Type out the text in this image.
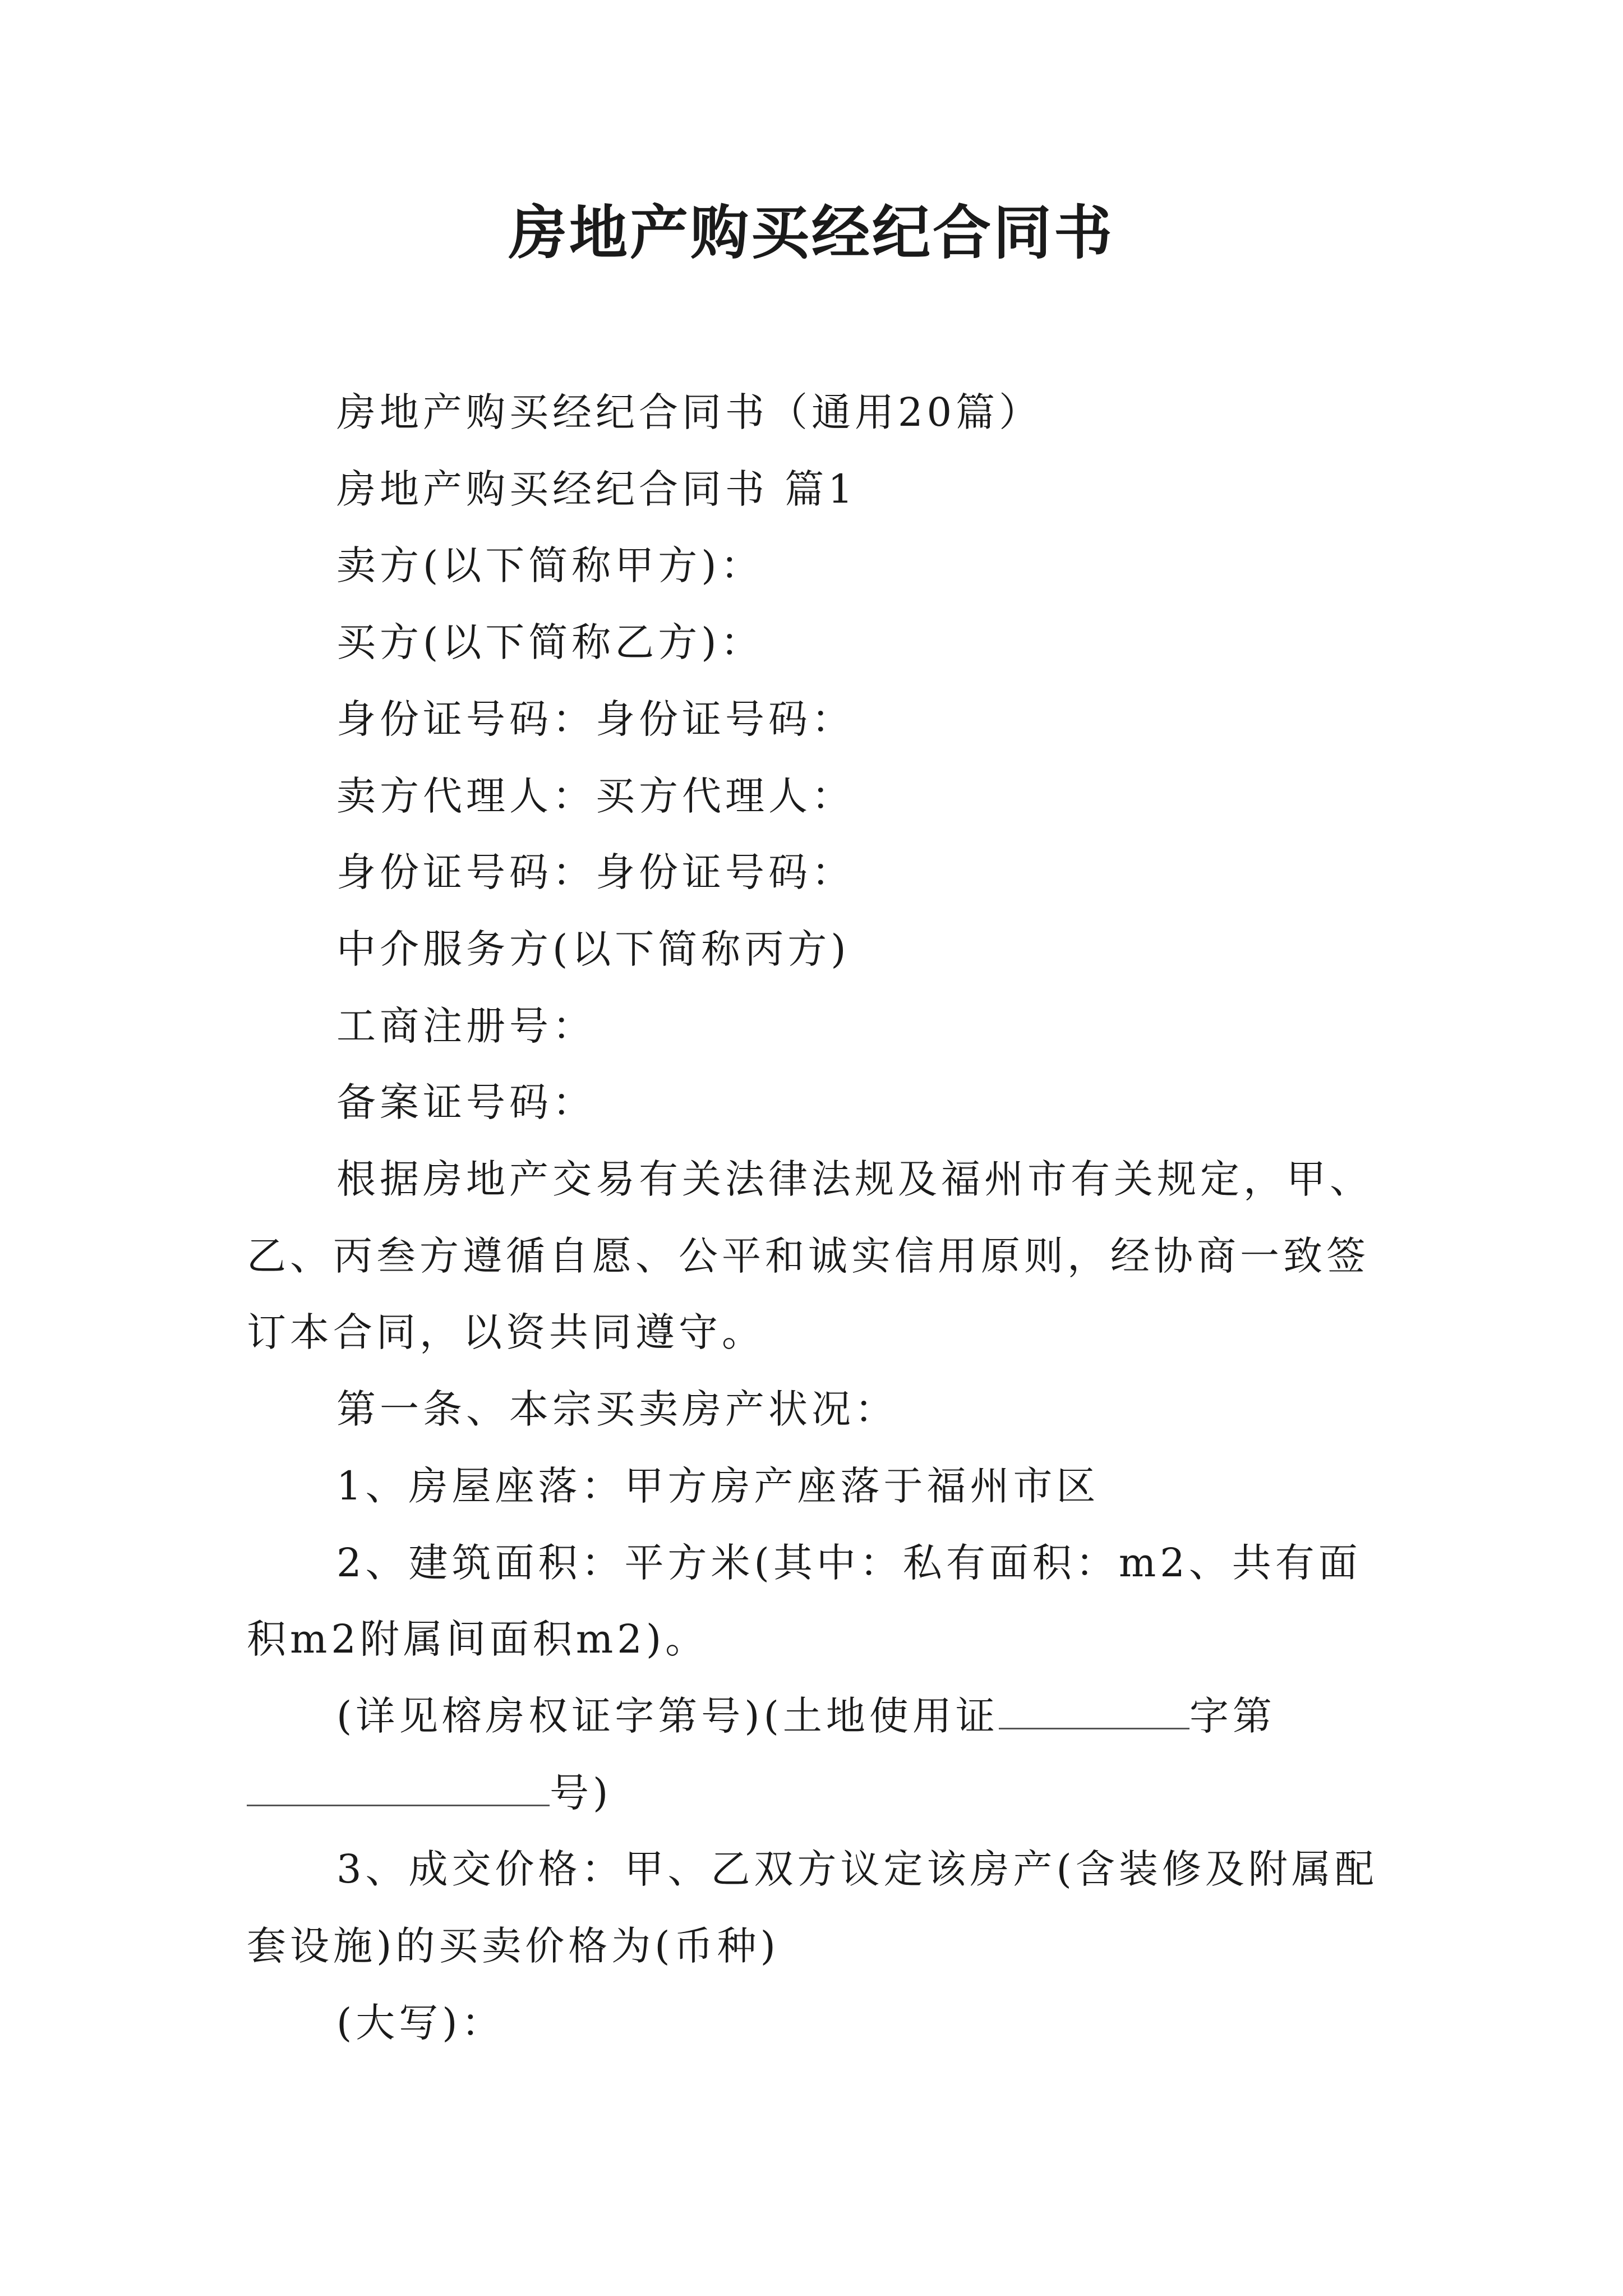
房地产购买经纪合同书

房地产购买经纪合同书（通用20篇）

房地产购买经纪合同书 篇1

卖方(以下简称甲方)：

买方(以下简称乙方)：

身份证号码：身份证号码：

卖方代理人：买方代理人：

身份证号码：身份证号码：

中介服务方(以下简称丙方)

工商注册号：

备案证号码：

根据房地产交易有关法律法规及福州市有关规定，甲、乙、丙叁方遵循自愿、公平和诚实信用原则，经协商一致签订本合同，以资共同遵守。

第一条、本宗买卖房产状况：

1、房屋座落：甲方房产座落于福州市区

2、建筑面积：平方米(其中：私有面积：m2、共有面积m2附属间面积m2)。

(详见榕房权证字第号)(土地使用证	字第号)

3、成交价格：甲、乙双方议定该房产(含装修及附属配套设施)的买卖价格为(币种)

(大写)：
